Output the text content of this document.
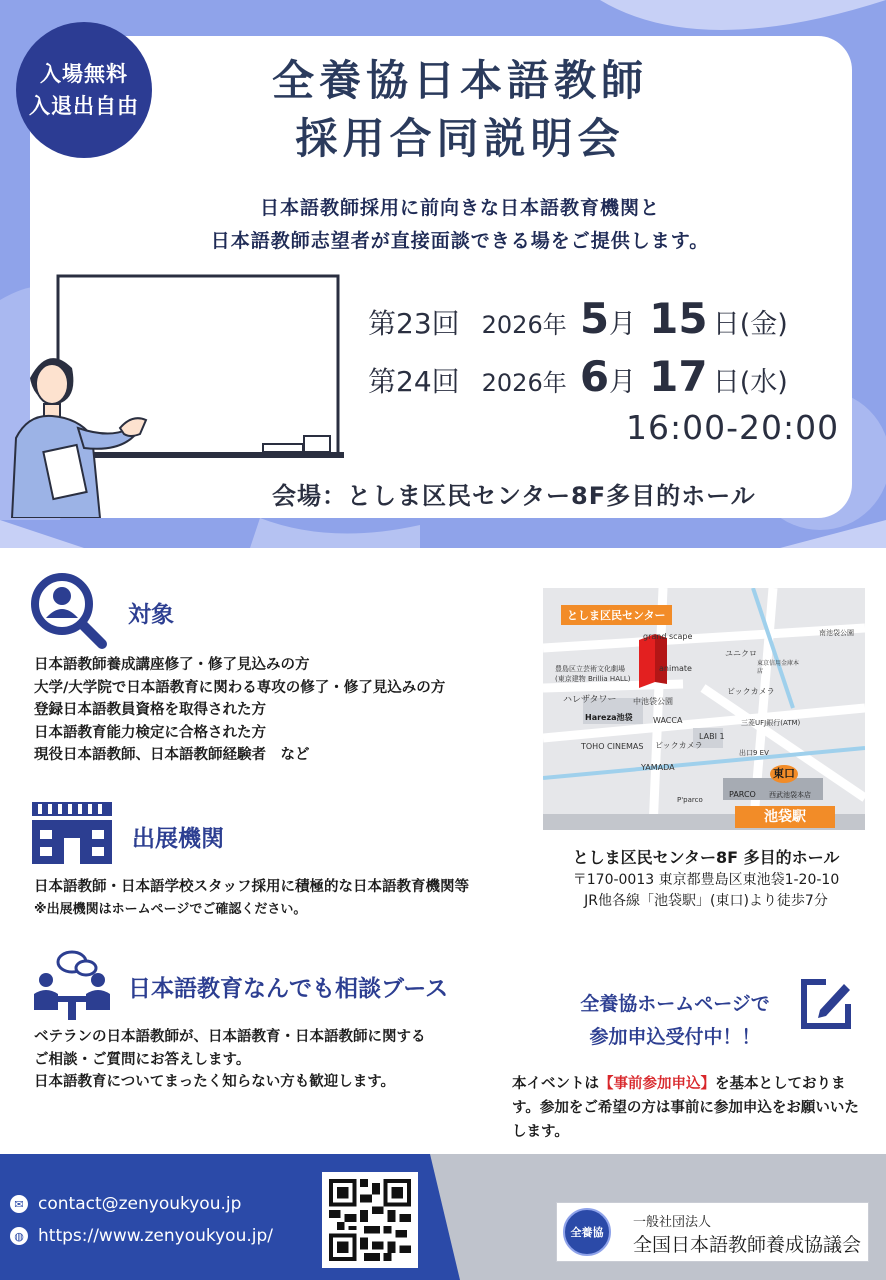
入場無料
入退出自由
全養協日本語教師
採用合同説明会
日本語教師採用に前向きな日本語教育機関と
日本語教師志望者が直接面談できる場をご提供します。
第23回 2026年 5月 15 日(金)
第24回 2026年 6月 17 日(水)
16:00-20:00
会場：としま区民センター8F多目的ホール
対象
日本語教師養成講座修了・修了見込みの方
大学/大学院で日本語教育に関わる専攻の修了・修了見込みの方
登録日本語教員資格を取得された方
日本語教育能力検定に合格された方
現役日本語教師、日本語教師経験者　など
出展機関
日本語教師・日本語学校スタッフ採用に積極的な日本語教育機関等
※出展機関はホームページでご確認ください。
日本語教育なんでも相談ブース
ベテランの日本語教師が、日本語教育・日本語教師に関する
ご相談・ご質問にお答えします。
日本語教育についてまったく知らない方も歓迎します。
としま区民センター
池袋駅
東口
grand scape
ユニクロ
豊島区立芸術文化劇場
(東京建物 Brillia HALL)
animate
ハレザタワー 中池袋公園
Hareza池袋	WACCA
ビックカメラ
LABI 1
TOHO CINEMAS ビックカメラ
YAMADA
PARCO 西武池袋本店
三菱UFJ銀行(ATM)
出口9 EV
南池袋公園
東京信用金庫本店
P'parco
としま区民センター8F 多目的ホール
〒170-0013 東京都豊島区東池袋1-20-10
JR他各線「池袋駅」(東口)より徒歩7分
全養協ホームページで
参加申込受付中！！
本イベントは【事前参加申込】を基本としております。参加をご希望の方は事前に参加申込をお願いいたします。
✉ contact@zenyoukyou.jp
◍ https://www.zenyoukyou.jp/	全養協
一般社団法人
全国日本語教師養成協議会
